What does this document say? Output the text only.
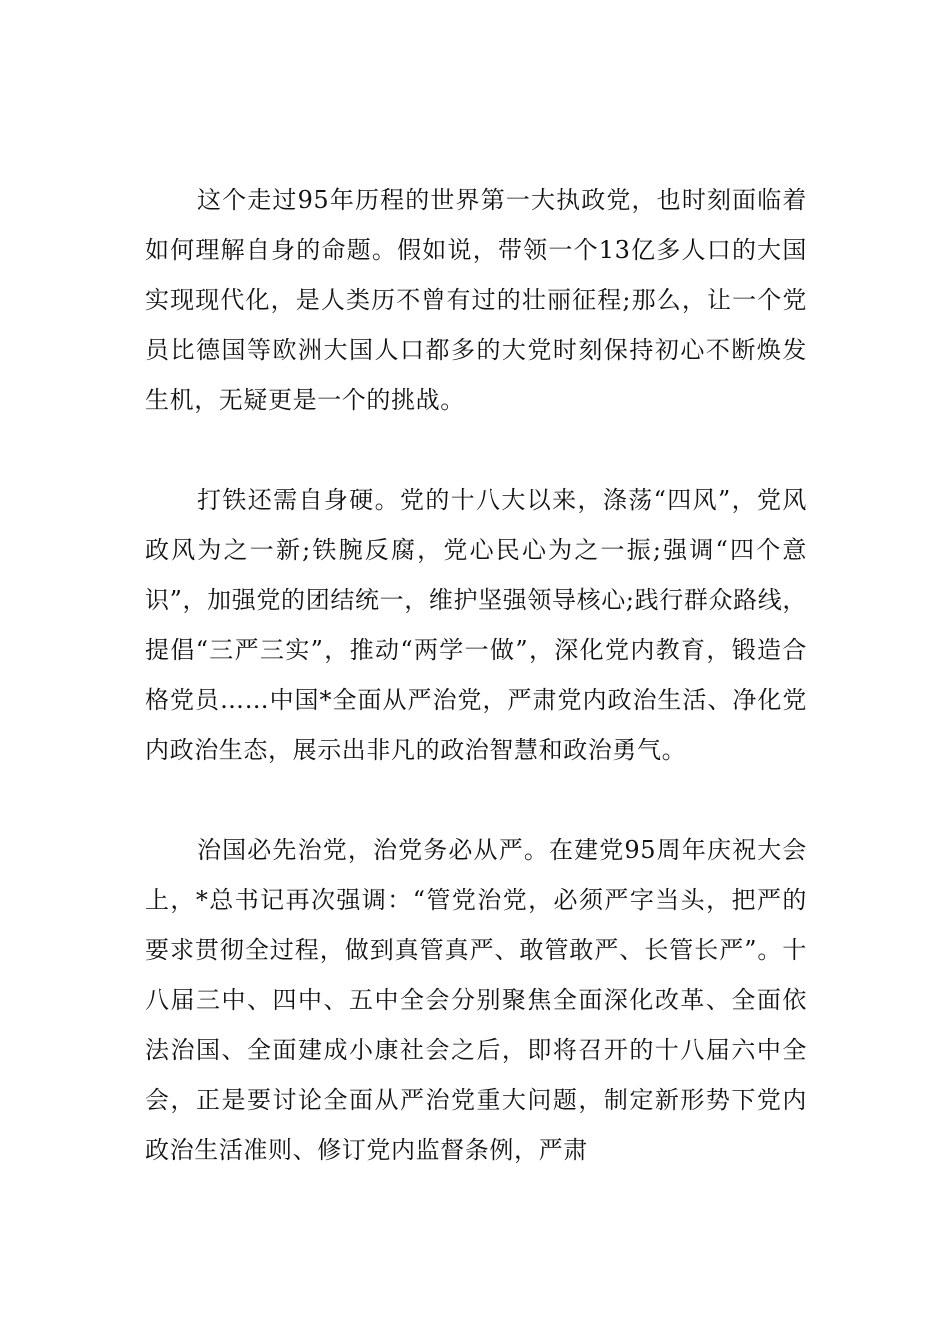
这个走过95年历程的世界第一大执政党，也时刻面临着如何理解自身的命题。假如说，带领一个13亿多人口的大国实现现代化，是人类历不曾有过的壮丽征程;那么，让一个党员比德国等欧洲大国人口都多的大党时刻保持初心不断焕发生机，无疑更是一个的挑战。

打铁还需自身硬。党的十八大以来，涤荡“四风”，党风政风为之一新;铁腕反腐，党心民心为之一振;强调“四个意识”，加强党的团结统一，维护坚强领导核心;践行群众路线，提倡“三严三实”，推动“两学一做”，深化党内教育，锻造合格党员……中国*全面从严治党，严肃党内政治生活、净化党内政治生态，展示出非凡的政治智慧和政治勇气。

治国必先治党，治党务必从严。在建党95周年庆祝大会上，*总书记再次强调：“管党治党，必须严字当头，把严的要求贯彻全过程，做到真管真严、敢管敢严、长管长严”。十八届三中、四中、五中全会分别聚焦全面深化改革、全面依法治国、全面建成小康社会之后，即将召开的十八届六中全会，正是要讨论全面从严治党重大问题，制定新形势下党内政治生活准则、修订党内监督条例，严肃
